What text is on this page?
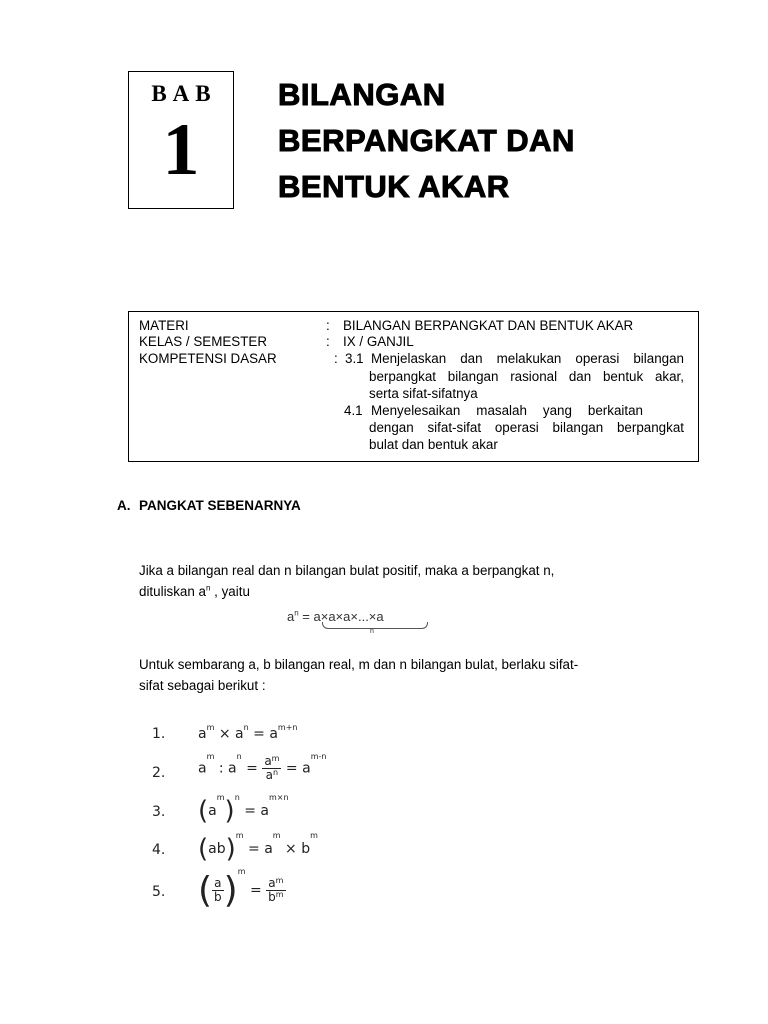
BAB
1
BILANGAN
BERPANGKAT DAN
BENTUK AKAR
MATERI	: BILANGAN BERPANGKAT DAN BENTUK AKAR
KELAS / SEMESTER	: IX / GANJIL
KOMPETENSI DASAR	: 3.1 Menjelaskan dan melakukan operasi bilangan
berpangkat bilangan rasional dan bentuk akar,
serta sifat-sifatnya
4.1 Menyelesaikan masalah yang berkaitan
dengan sifat-sifat operasi bilangan berpangkat
bulat dan bentuk akar
A. PANGKAT SEBENARNYA
Jika a bilangan real dan n bilangan bulat positif, maka a berpangkat n,
dituliskan $a^n$ , yaitu
$a^n = a\times a\times a\times...\times a$
n
Untuk sembarang a, b bilangan real, m dan n bilangan bulat, berlaku sifat-
sifat sebagai berikut :
1.	$a^m \times a^n = a^{m+n}$
2.	$a^m$ : $a^n = \frac{a^m}{a^n} = a^{m-n}$
3.	$(a^m)^n = a^{m\times n}$
4.	$(ab)^m = a^m \times b^m$
5. ( $\frac{a}{b} )^m = \frac{a^m}{b^m}$
